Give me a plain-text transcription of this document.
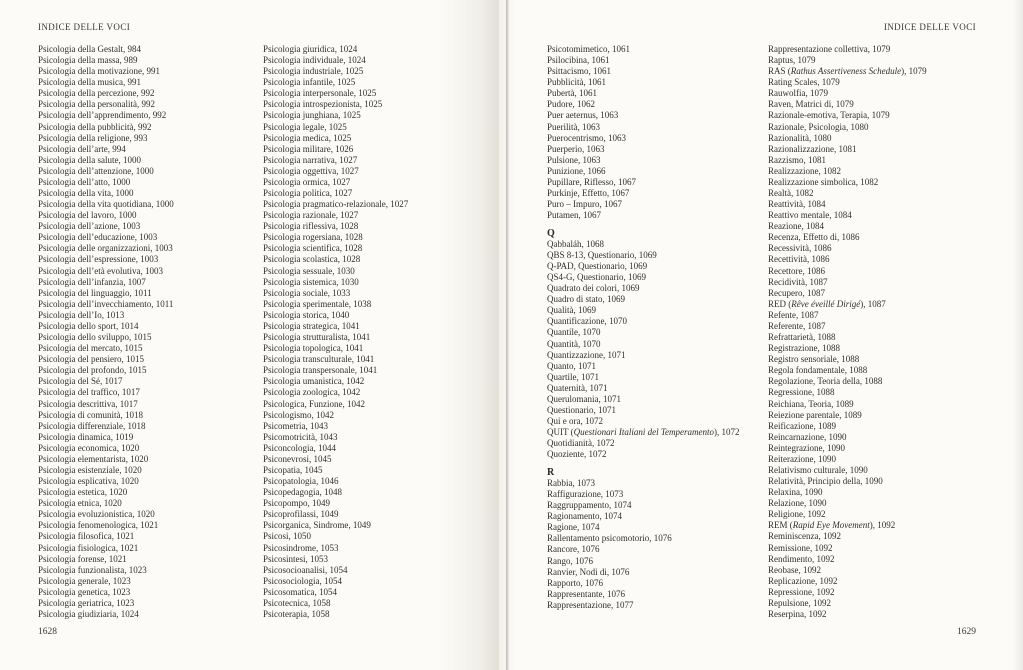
INDICE DELLE VOCI
Psicologia della Gestalt, 984
Psicologia della massa, 989
Psicologia della motivazione, 991
Psicologia della musica, 991
Psicologia della percezione, 992
Psicologia della personalità, 992
Psicologia dell’apprendimento, 992
Psicologia della pubblicità, 992
Psicologia della religione, 993
Psicologia dell’arte, 994
Psicologia della salute, 1000
Psicologia dell’attenzione, 1000
Psicologia dell’atto, 1000
Psicologia della vita, 1000
Psicologia della vita quotidiana, 1000
Psicologia del lavoro, 1000
Psicologia dell’azione, 1003
Psicologia dell’educazione, 1003
Psicologia delle organizzazioni, 1003
Psicologia dell’espressione, 1003
Psicologia dell’età evolutiva, 1003
Psicologia dell’infanzia, 1007
Psicologia del linguaggio, 1011
Psicologia dell’invecchiamento, 1011
Psicologia dell’Io, 1013
Psicologia dello sport, 1014
Psicologia dello sviluppo, 1015
Psicologia del mercato, 1015
Psicologia del pensiero, 1015
Psicologia del profondo, 1015
Psicologia del Sé, 1017
Psicologia del traffico, 1017
Psicologia descrittiva, 1017
Psicologia di comunità, 1018
Psicologia differenziale, 1018
Psicologia dinamica, 1019
Psicologia economica, 1020
Psicologia elementarista, 1020
Psicologia esistenziale, 1020
Psicologia esplicativa, 1020
Psicologia estetica, 1020
Psicologia etnica, 1020
Psicologia evoluzionistica, 1020
Psicologia fenomenologica, 1021
Psicologia filosofica, 1021
Psicologia fisiologica, 1021
Psicologia forense, 1021
Psicologia funzionalista, 1023
Psicologia generale, 1023
Psicologia genetica, 1023
Psicologia geriatrica, 1023
Psicologia giudiziaria, 1024
Psicologia giuridica, 1024
Psicologia individuale, 1024
Psicologia industriale, 1025
Psicologia infantile, 1025
Psicologia interpersonale, 1025
Psicologia introspezionista, 1025
Psicologia junghiana, 1025
Psicologia legale, 1025
Psicologia medica, 1025
Psicologia militare, 1026
Psicologia narrativa, 1027
Psicologia oggettiva, 1027
Psicologia ormica, 1027
Psicologia politica, 1027
Psicologia pragmatico-relazionale, 1027
Psicologia razionale, 1027
Psicologia riflessiva, 1028
Psicologia rogersiana, 1028
Psicologia scientifica, 1028
Psicologia scolastica, 1028
Psicologia sessuale, 1030
Psicologia sistemica, 1030
Psicologia sociale, 1033
Psicologia sperimentale, 1038
Psicologia storica, 1040
Psicologia strategica, 1041
Psicologia strutturalista, 1041
Psicologia topologica, 1041
Psicologia transculturale, 1041
Psicologia transpersonale, 1041
Psicologia umanistica, 1042
Psicologia zoologica, 1042
Psicologica, Funzione, 1042
Psicologismo, 1042
Psicometria, 1043
Psicomotricità, 1043
Psiconcologia, 1044
Psiconevrosi, 1045
Psicopatia, 1045
Psicopatologia, 1046
Psicopedagogia, 1048
Psicopompo, 1049
Psicoprofilassi, 1049
Psicorganica, Sindrome, 1049
Psicosi, 1050
Psicosindrome, 1053
Psicosintesi, 1053
Psicosocioanalisi, 1054
Psicosociologia, 1054
Psicosomatica, 1054
Psicotecnica, 1058
Psicoterapia, 1058
1628
INDICE DELLE VOCI
Psicotomimetico, 1061
Psilocibina, 1061
Psittacismo, 1061
Pubblicità, 1061
Pubertà, 1061
Pudore, 1062
Puer aeternus, 1063
Puerilità, 1063
Puerocentrismo, 1063
Puerperio, 1063
Pulsione, 1063
Punizione, 1066
Pupillare, Riflesso, 1067
Purkinje, Effetto, 1067
Puro – Impuro, 1067
Putamen, 1067
Q
Qabbaláh, 1068
QBS 8-13, Questionario, 1069
Q-PAD, Questionario, 1069
QS4-G, Questionario, 1069
Quadrato dei colori, 1069
Quadro di stato, 1069
Qualità, 1069
Quantificazione, 1070
Quantile, 1070
Quantità, 1070
Quantizzazione, 1071
Quanto, 1071
Quartile, 1071
Quaternità, 1071
Querulomania, 1071
Questionario, 1071
Qui e ora, 1072
QUIT (Questionari Italiani del Temperamento), 1072
Quotidianità, 1072
Quoziente, 1072
R
Rabbia, 1073
Raffigurazione, 1073
Raggruppamento, 1074
Ragionamento, 1074
Ragione, 1074
Rallentamento psicomotorio, 1076
Rancore, 1076
Rango, 1076
Ranvier, Nodi di, 1076
Rapporto, 1076
Rappresentante, 1076
Rappresentazione, 1077
Rappresentazione collettiva, 1079
Raptus, 1079
RAS (Rathus Assertiveness Schedule), 1079
Rating Scales, 1079
Rauwolfia, 1079
Raven, Matrici di, 1079
Razionale-emotiva, Terapia, 1079
Razionale, Psicologia, 1080
Razionalità, 1080
Razionalizzazione, 1081
Razzismo, 1081
Realizzazione, 1082
Realizzazione simbolica, 1082
Realtà, 1082
Reattività, 1084
Reattivo mentale, 1084
Reazione, 1084
Recenza, Effetto di, 1086
Recessività, 1086
Recettività, 1086
Recettore, 1086
Recidività, 1087
Recupero, 1087
RED (Rêve éveillé Dirigé), 1087
Refente, 1087
Referente, 1087
Refrattarietà, 1088
Registrazione, 1088
Registro sensoriale, 1088
Regola fondamentale, 1088
Regolazione, Teoria della, 1088
Regressione, 1088
Reichiana, Teoria, 1089
Reiezione parentale, 1089
Reificazione, 1089
Reincarnazione, 1090
Reintegrazione, 1090
Reiterazione, 1090
Relativismo culturale, 1090
Relatività, Principio della, 1090
Relaxina, 1090
Relazione, 1090
Religione, 1092
REM (Rapid Eye Movement), 1092
Reminiscenza, 1092
Remissione, 1092
Rendimento, 1092
Reobase, 1092
Replicazione, 1092
Repressione, 1092
Repulsione, 1092
Reserpina, 1092
1629
